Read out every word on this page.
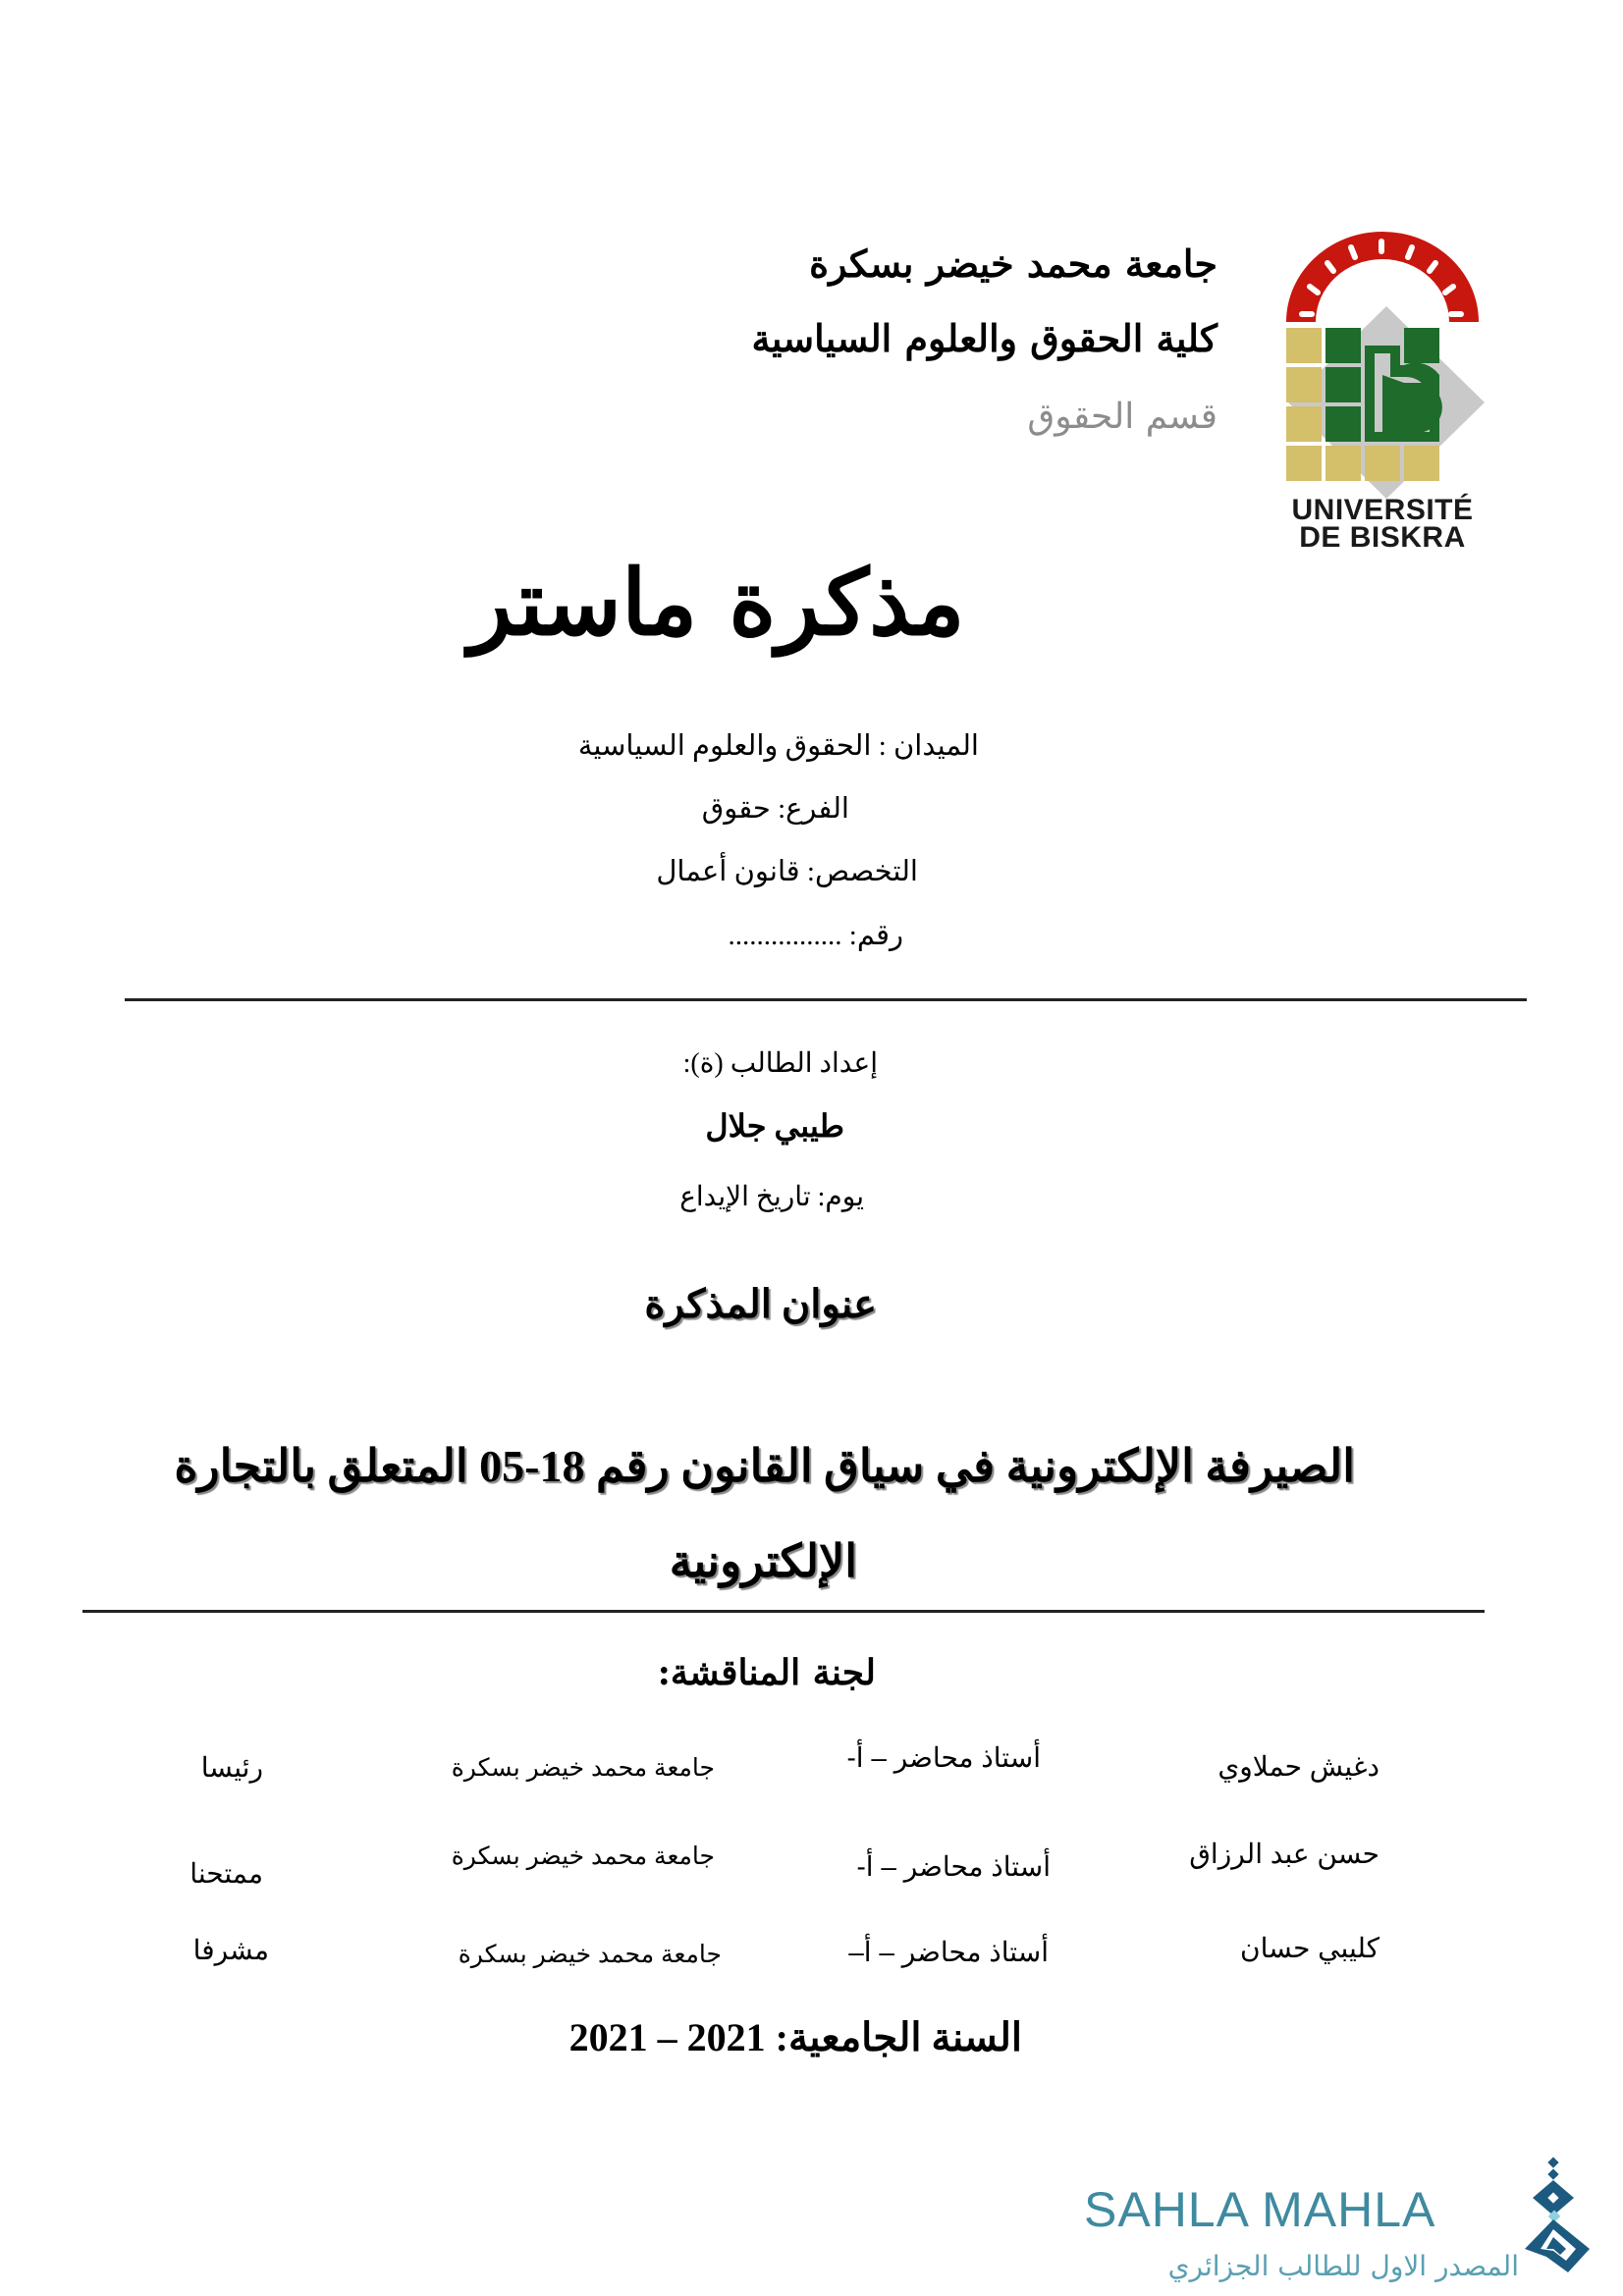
جامعة محمد خيضر بسكرة
كلية الحقوق والعلوم السياسية
قسم الحقوق
UNIVERSITÉ
DE BISKRA
مذكرة ماستر
الميدان : الحقوق والعلوم السياسية
الفرع: حقوق
التخصص: قانون أعمال
رقم: ................
إعداد الطالب (ة):
طيبي جلال
يوم: تاريخ الإيداع
عنوان المذكرة
الصيرفة الإلكترونية في سياق القانون رقم 18-05 المتعلق بالتجارة
الإلكترونية
لجنة المناقشة:
دغيش حملاوي
أستاذ محاضر – أ-
جامعة محمد خيضر بسكرة
رئيسا
حسن عبد الرزاق
أستاذ محاضر – أ-
جامعة محمد خيضر بسكرة
ممتحنا
كليبي حسان
أستاذ محاضر – أ–
جامعة محمد خيضر بسكرة
مشرفا
السنة الجامعية: 2021 – 2021
SAHLA MAHLA
المصدر الاول للطالب الجزائري
